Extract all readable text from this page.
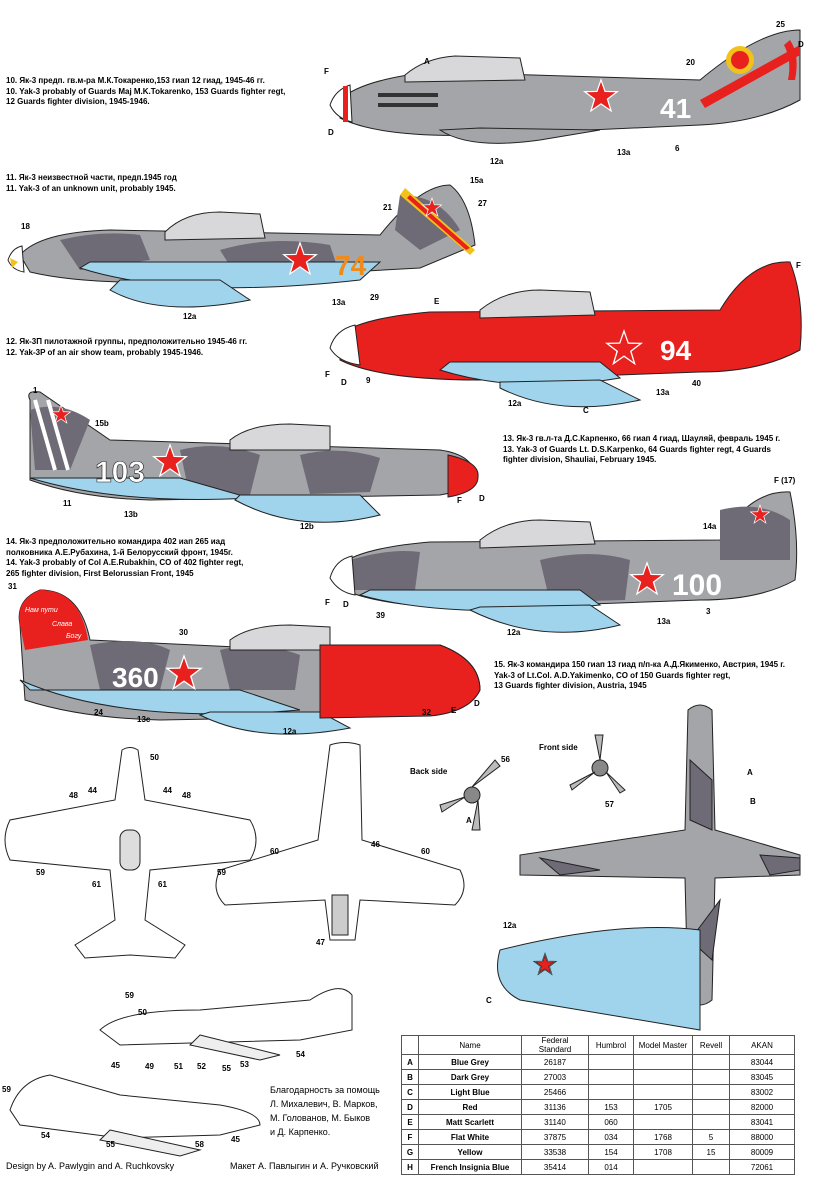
10. Як-3 предп. гв.м-ра М.К.Токаренко,153 гиап 12 гиад, 1945-46 гг.
10. Yak-3 probably of Guards Maj M.K.Tokarenko, 153 Guards fighter regt,
12 Guards fighter division, 1945-1946.
11. Як-3 неизвестной части, предп.1945 год
11. Yak-3 of an unknown unit, probably 1945.
12. Як-3П пилотажной группы, предположительно 1945-46 гг.
12. Yak-3P of an air show team, probably 1945-1946.
13. Як-3 гв.л-та Д.С.Карпенко, 66 гиап 4 гиад, Шауляй, февраль 1945 г.
13. Yak-3 of Guards Lt. D.S.Karpenko, 64 Guards fighter regt, 4 Guards
fighter division, Shauliai, February 1945.
14. Як-3 предположительно командира 402 иап 265 иад
полковника А.Е.Рубахина, 1-й Белорусский фронт, 1945г.
14. Yak-3 probably of Col A.E.Rubakhin, CO of 402 fighter regt,
265 fighter division, First Belorussian Front, 1945
15. Як-3 командира 150 гиап 13 гиад п/п-ка А.Д.Якименко, Австрия, 1945 г.
Yak-3 of Lt.Col. A.D.Yakimenko, CO of 150 Guards fighter regt,
13 Guards fighter division, Austria, 1945
41
74
94
103
100
Нам пути
Слава
Богу
360
25
D
F
A	20
D
12a
13a	6
15a
21	27
18
13a
29
12a
E
F
F
D 9
13a
40
12a
C
1
15b
11
13b
12b
F D
F (17)
14a
F D
39
12a
13a
3
31
30
24
13c
12a
32	E
D
50
44
48
44
48
59
61	61
59
59
46
60	60
47
Back side
56
A
Front side
57
A
B
12a
C
50
45	49	51 52 55 53
54
59
54
55	58
45
	Name	Federal Standard	Humbrol	Model Master	Revell	AKAN
A	Blue Grey	26187				83044
B	Dark Grey	27003				83045
C	Light Blue	25466				83002
D	Red	31136	153	1705		82000
E	Matt Scarlett	31140	060			83041
F	Flat White	37875	034	1768	5	88000
G	Yellow	33538	154	1708	15	80009
H	French Insignia Blue	35414	014			72061
Благодарность за помощь
Л. Михалевич, В. Марков,
М. Голованов, М. Быков
и Д. Карпенко.
Design by A. Pawlygin and A. Ruchkovsky	Макет А. Павлыгин и А. Ручковский
